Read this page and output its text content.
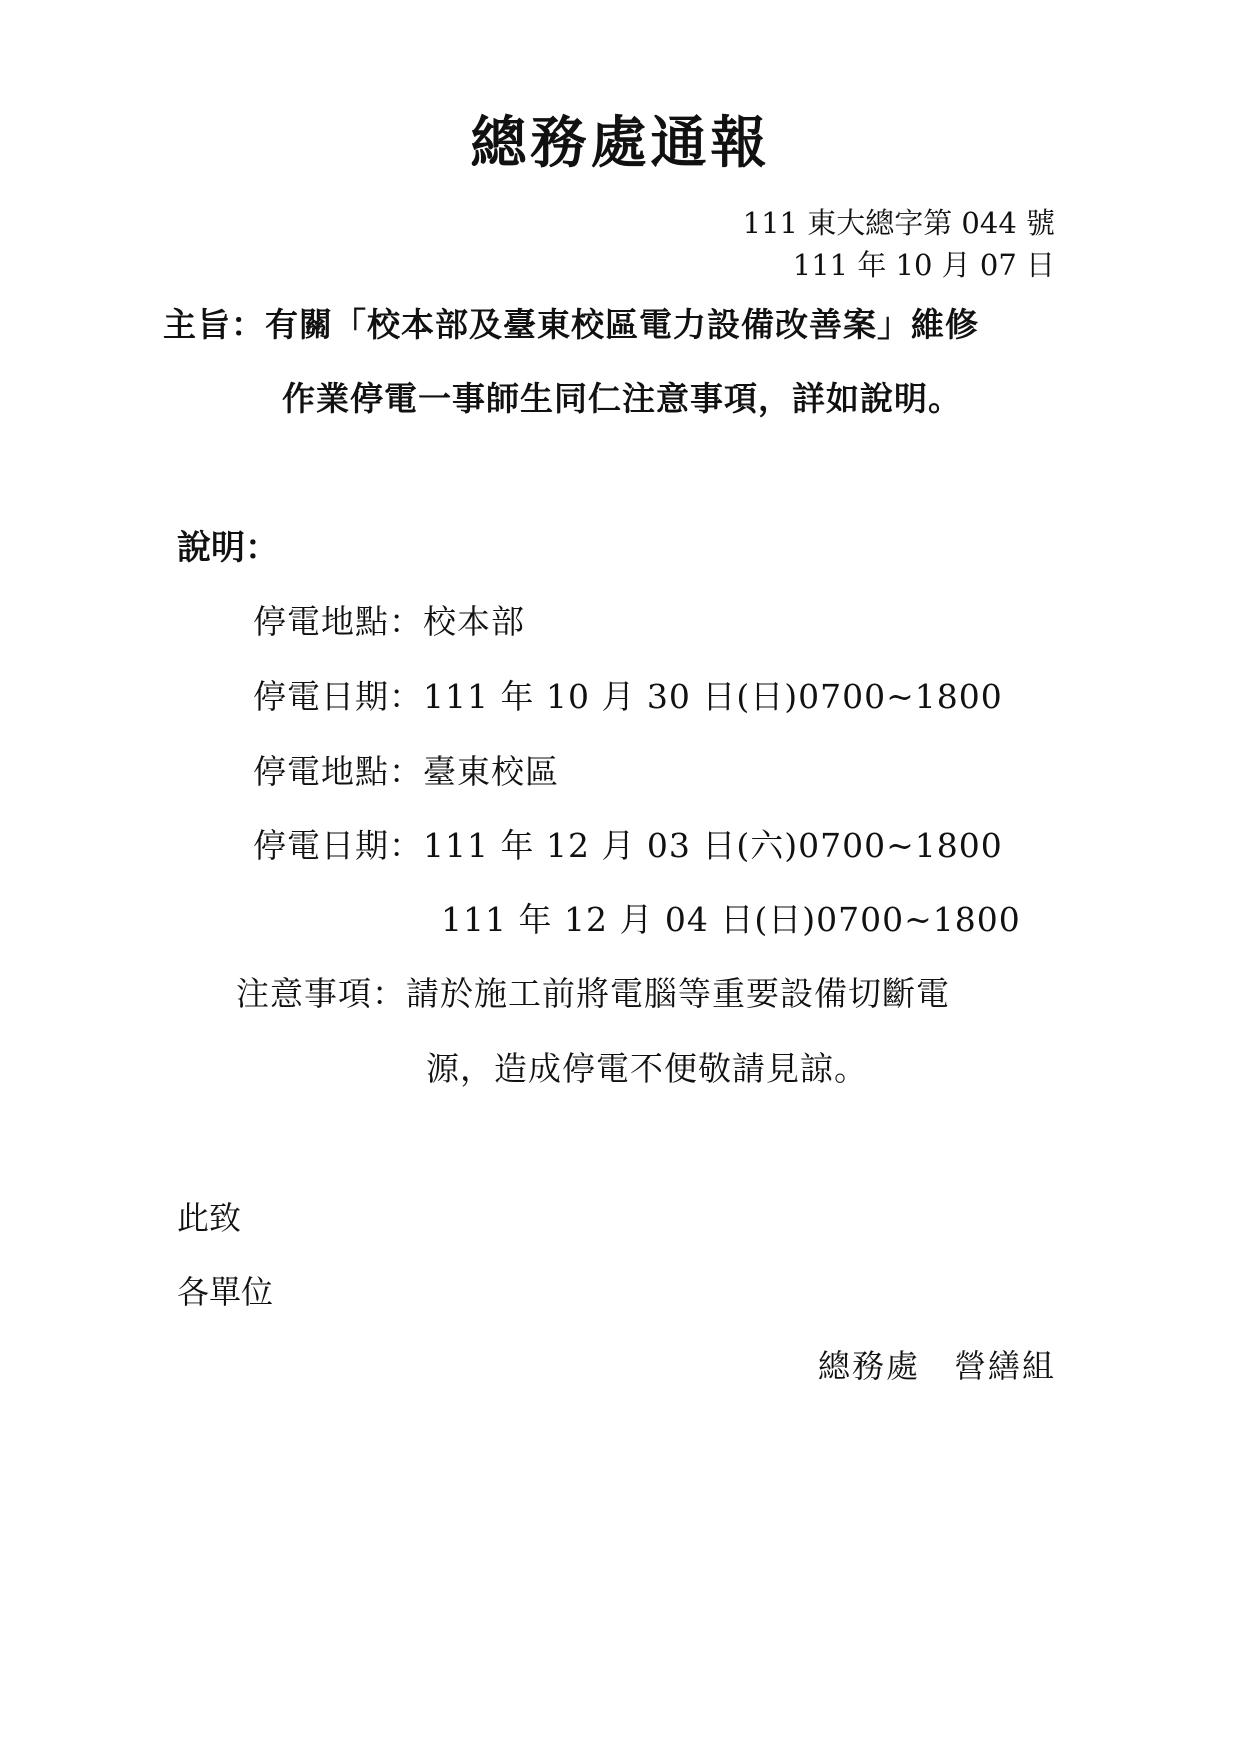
總務處通報
111 東大總字第 044 號
111 年 10 月 07 日
主旨：有關「校本部及臺東校區電力設備改善案」維修
作業停電一事師生同仁注意事項，詳如說明。
說明：
停電地點：校本部
停電日期：111 年 10 月 30 日(日)0700~1800
停電地點：臺東校區
停電日期：111 年 12 月 03 日(六)0700~1800
111 年 12 月 04 日(日)0700~1800
注意事項：請於施工前將電腦等重要設備切斷電
源，造成停電不便敬請見諒。
此致
各單位
總務處　營繕組
